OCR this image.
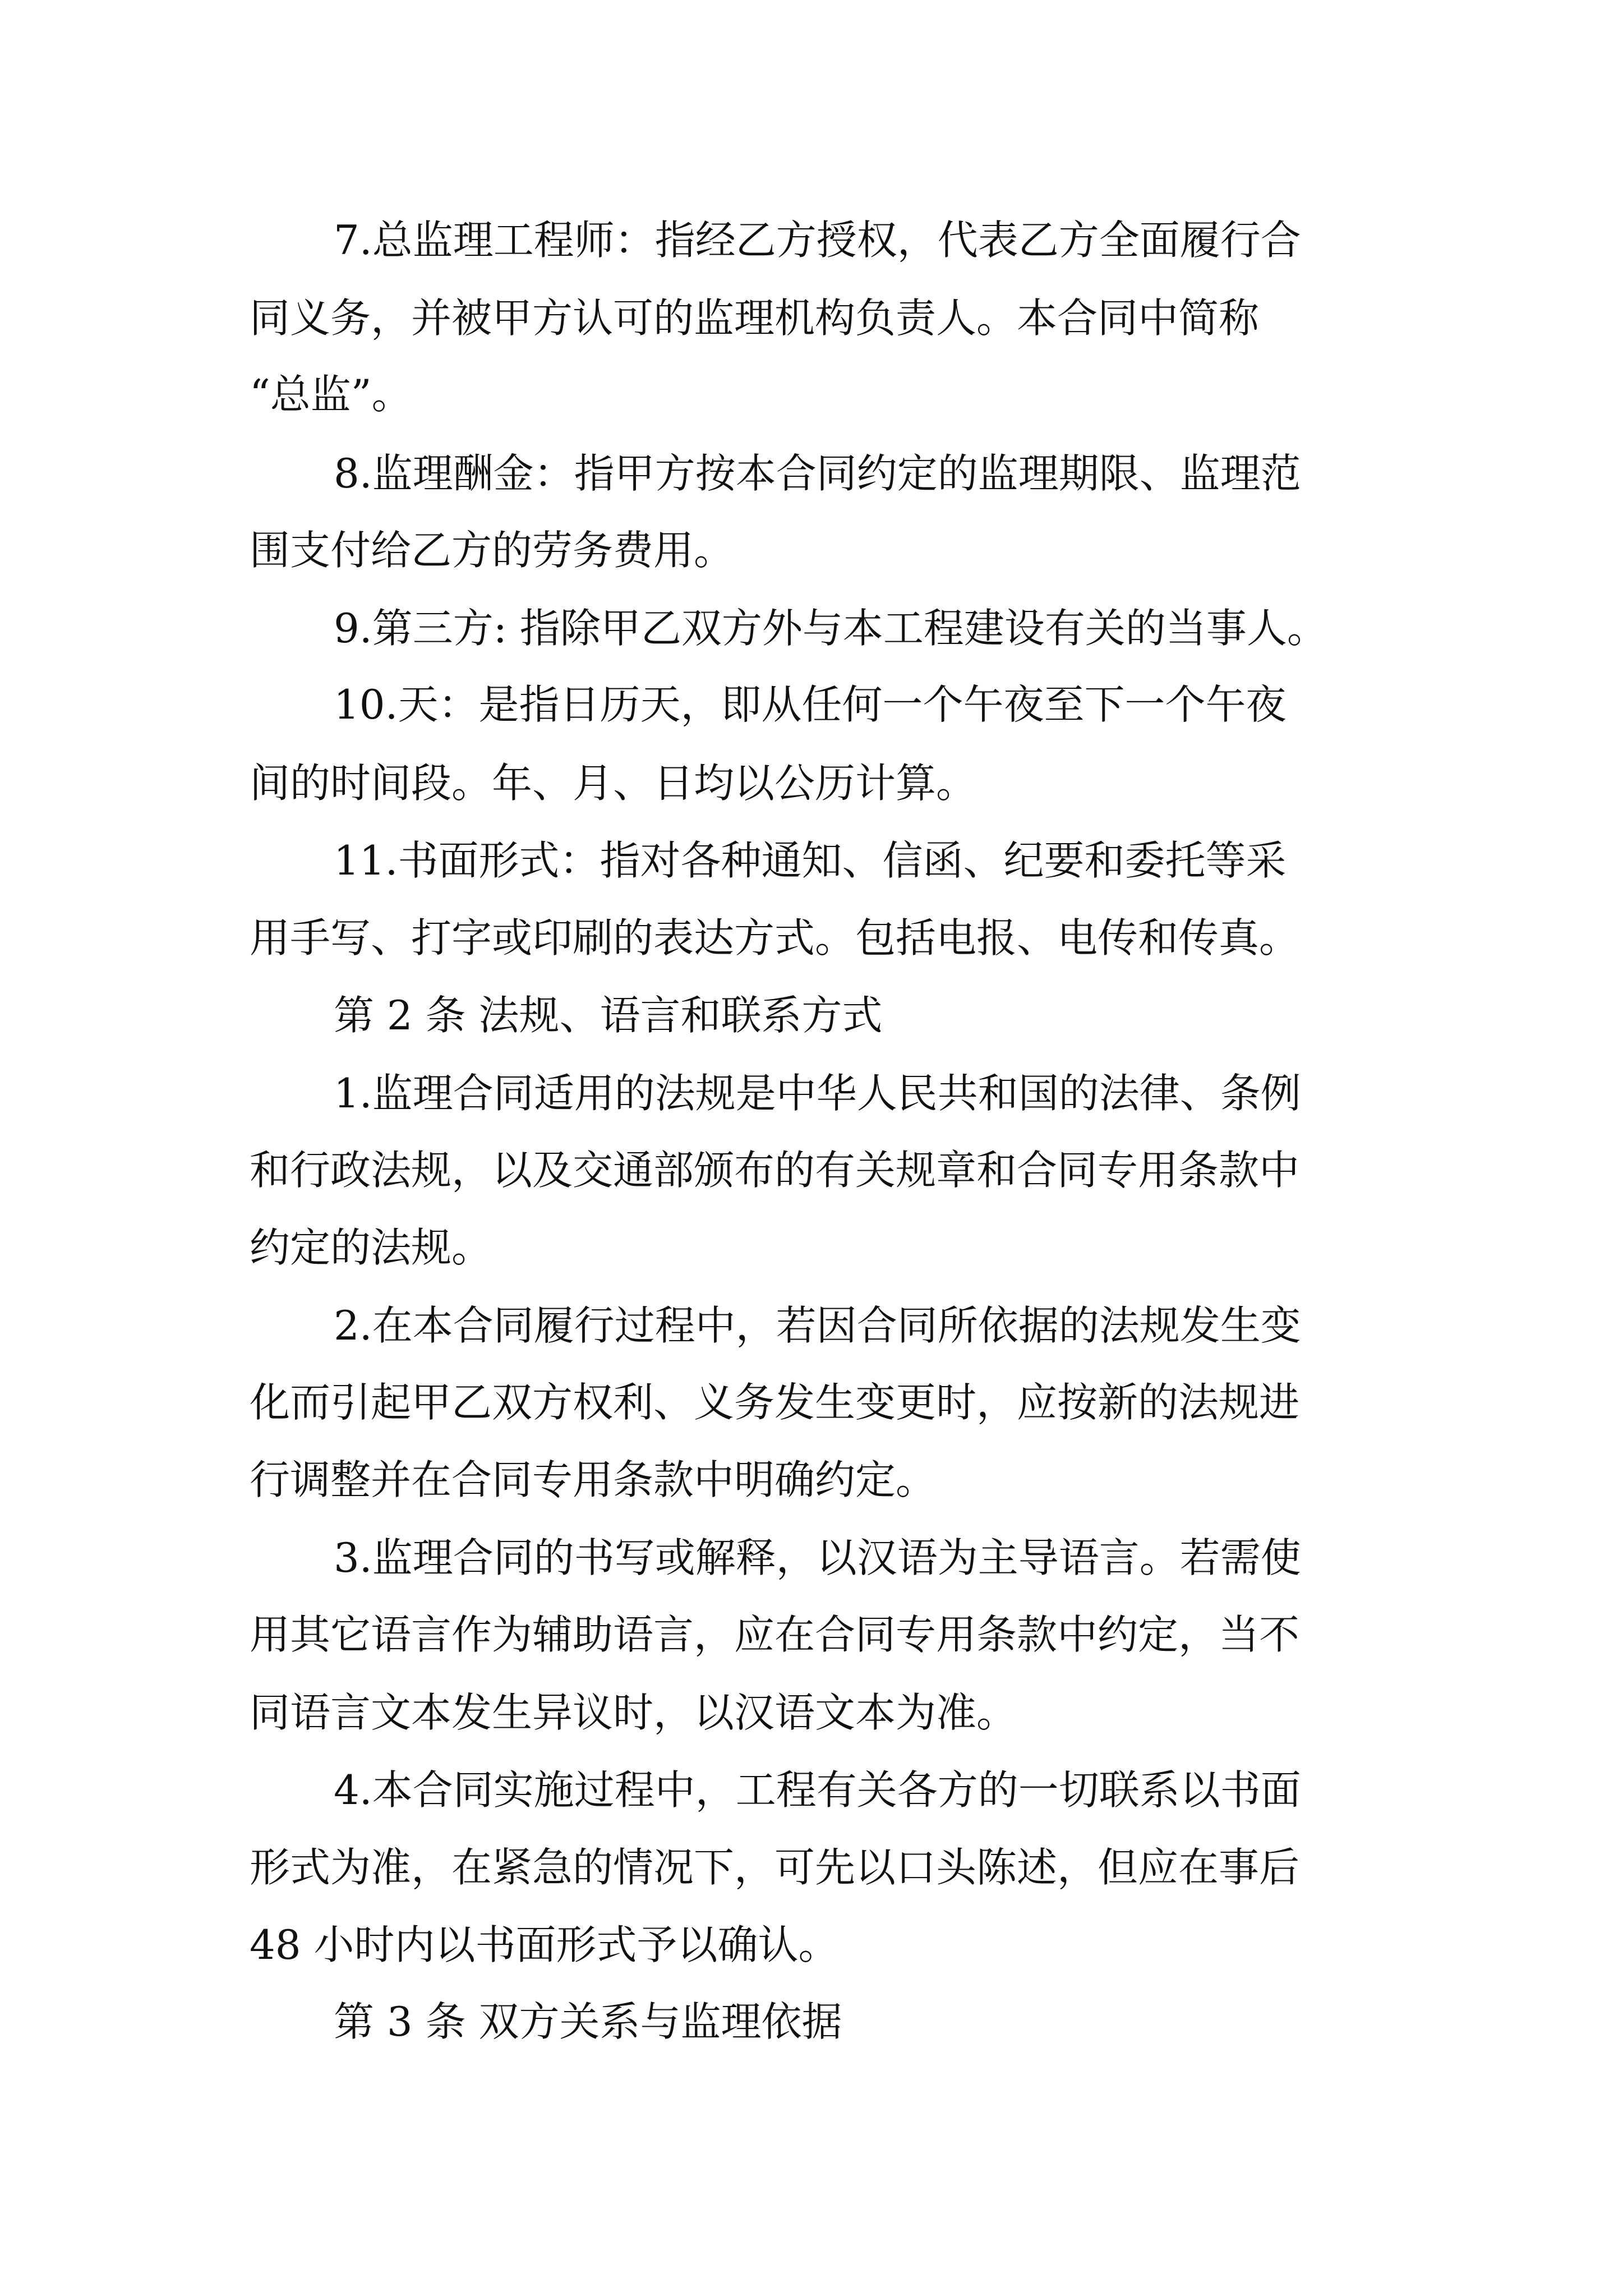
7.总监理工程师：指经乙方授权，代表乙方全面履行合
同义务，并被甲方认可的监理机构负责人。本合同中简称
“总监”。
8.监理酬金：指甲方按本合同约定的监理期限、监理范
围支付给乙方的劳务费用。
9.第三方: 指除甲乙双方外与本工程建设有关的当事人。
10.天：是指日历天，即从任何一个午夜至下一个午夜
间的时间段。年、月、日均以公历计算。
11.书面形式：指对各种通知、信函、纪要和委托等采
用手写、打字或印刷的表达方式。包括电报、电传和传真。
第 2 条 法规、语言和联系方式
1.监理合同适用的法规是中华人民共和国的法律、条例
和行政法规，以及交通部颁布的有关规章和合同专用条款中
约定的法规。
2.在本合同履行过程中，若因合同所依据的法规发生变
化而引起甲乙双方权利、义务发生变更时，应按新的法规进
行调整并在合同专用条款中明确约定。
3.监理合同的书写或解释，以汉语为主导语言。若需使
用其它语言作为辅助语言，应在合同专用条款中约定，当不
同语言文本发生异议时，以汉语文本为准。
4.本合同实施过程中，工程有关各方的一切联系以书面
形式为准，在紧急的情况下，可先以口头陈述，但应在事后
48 小时内以书面形式予以确认。
第 3 条 双方关系与监理依据
